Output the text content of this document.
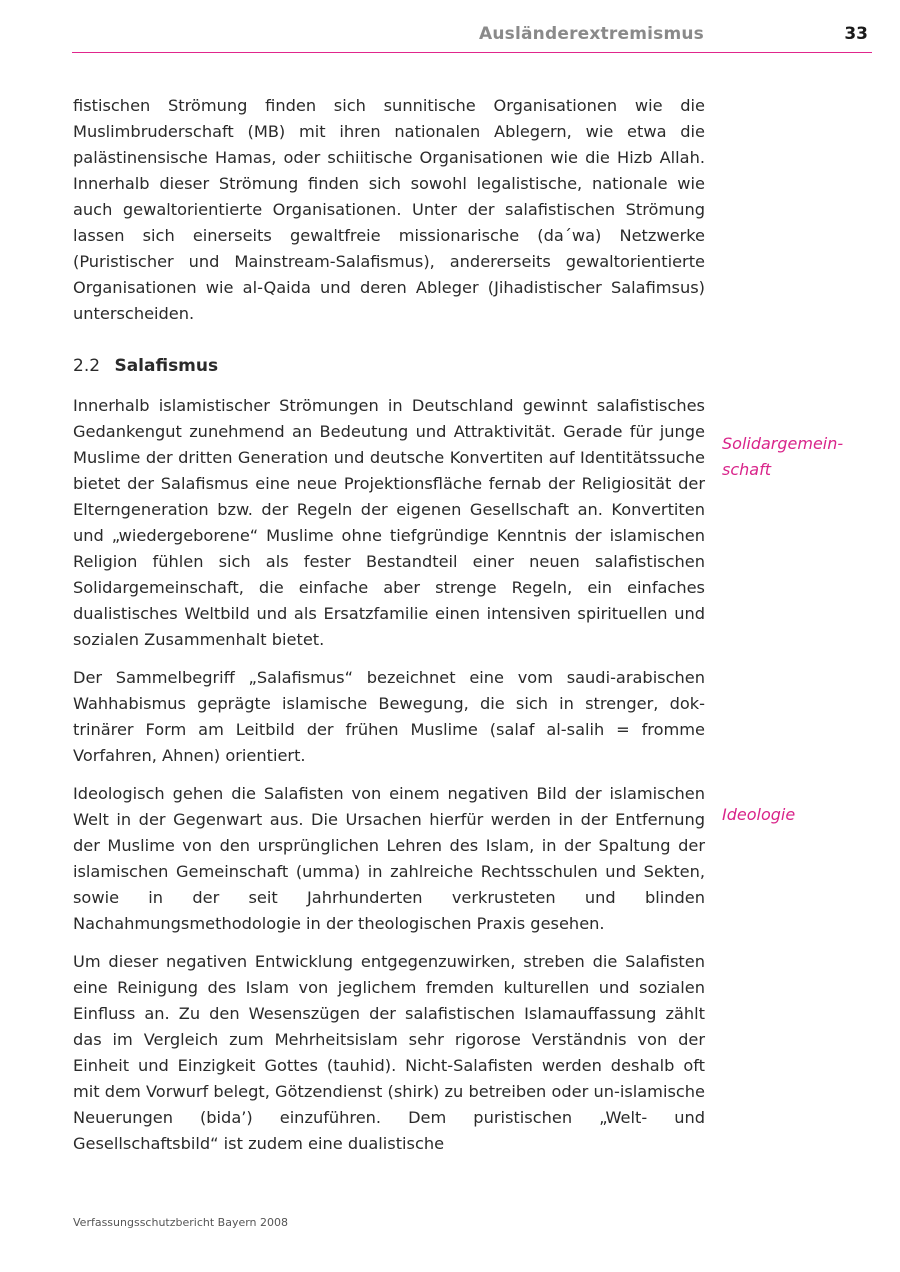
Ausländerextremismus	33

fistischen Strömung finden sich sunnitische Organisationen wie die Muslimbruderschaft (MB) mit ihren nationalen Ablegern, wie etwa die palästinensische Hamas, oder schiitische Organisationen wie die Hizb Allah. Innerhalb dieser Strömung finden sich sowohl legalistische, nationale wie auch gewaltorientierte Organisationen. Unter der salafistischen Strömung lassen sich einerseits gewaltfreie missionarische (da´wa) Netzwerke (Puristischer und Mainstream-Salafismus), andererseits gewaltorientierte Organisationen wie al-Qaida und deren Ableger (Jihadistischer Salafimsus) unterscheiden.

2.2 Salafismus

Innerhalb islamistischer Strömungen in Deutschland gewinnt salafistisches Gedankengut zunehmend an Bedeutung und Attraktivität. Gerade für junge Muslime der dritten Generation und deutsche Konvertiten auf Identitätssuche bietet der Salafismus eine neue Projektionsfläche fernab der Religiosität der Elterngeneration bzw. der Regeln der eigenen Gesellschaft an. Konvertiten und „wiedergeborene“ Muslime ohne tiefgründige Kenntnis der islamischen Religion fühlen sich als fester Bestandteil einer neuen salafistischen Solidargemeinschaft, die einfache aber strenge Regeln, ein einfaches dualistisches Weltbild und als Ersatzfamilie einen intensiven spirituellen und sozialen Zusammenhalt bietet.

Der Sammelbegriff „Salafismus“ bezeichnet eine vom saudi-arabischen Wahhabismus geprägte islamische Bewegung, die sich in strenger, doktrinärer Form am Leitbild der frühen Muslime (salaf al-salih = fromme Vorfahren, Ahnen) orientiert.

Ideologisch gehen die Salafisten von einem negativen Bild der islamischen Welt in der Gegenwart aus. Die Ursachen hierfür werden in der Entfernung der Muslime von den ursprünglichen Lehren des Islam, in der Spaltung der islamischen Gemeinschaft (umma) in zahlreiche Rechtsschulen und Sekten, sowie in der seit Jahrhunderten verkrusteten und blinden Nachahmungsmethodologie in der theologischen Praxis gesehen.

Um dieser negativen Entwicklung entgegenzuwirken, streben die Salafisten eine Reinigung des Islam von jeglichem fremden kulturellen und sozialen Einfluss an. Zu den Wesenszügen der salafistischen Islamauffassung zählt das im Vergleich zum Mehrheitsislam sehr rigorose Verständnis von der Einheit und Einzigkeit Gottes (tauhid). Nicht-Salafisten werden deshalb oft mit dem Vorwurf belegt, Götzendienst (shirk) zu betreiben oder un-islamische Neuerungen (bida’) einzuführen. Dem puristischen „Welt- und Gesellschaftsbild“ ist zudem eine dualistische

Solidargemein-
schaft
Ideologie
Verfassungsschutzbericht Bayern 2008
